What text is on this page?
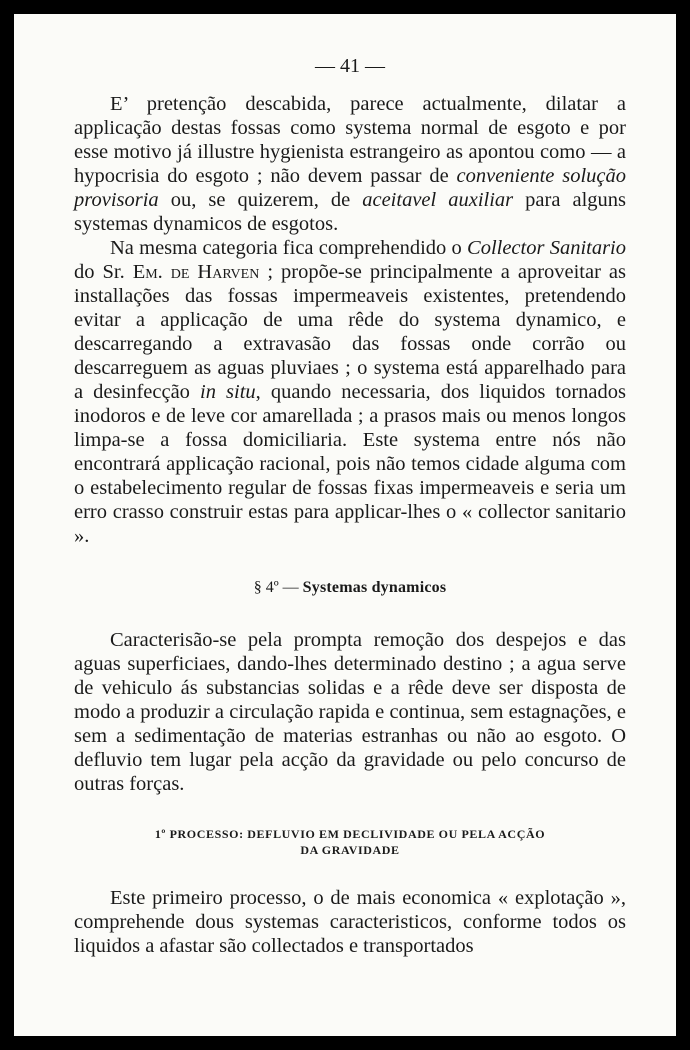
— 41 —

E’ pretenção descabida, parece actualmente, dilatar a applicação destas fossas como systema normal de esgoto e por esse motivo já illustre hygienista estrangeiro as apontou como — a hypocrisia do esgoto ; não devem passar de conveniente solução provisoria ou, se quizerem, de aceitavel auxiliar para alguns systemas dynamicos de esgotos.

Na mesma categoria fica comprehendido o Collector Sanitario do Sr. Em. de Harven ; propõe-se principalmente a aproveitar as installações das fossas impermeaveis existentes, pretendendo evitar a applicação de uma rêde do systema dynamico, e descarregando a extravasão das fossas onde corrão ou descarreguem as aguas pluviaes ; o systema está apparelhado para a desinfecção in situ, quando necessaria, dos liquidos tornados inodoros e de leve cor amarellada ; a prasos mais ou menos longos limpa-se a fossa domiciliaria. Este systema entre nós não encontrará applicação racional, pois não temos cidade alguma com o estabelecimento regular de fossas fixas impermeaveis e seria um erro crasso construir estas para applicar-lhes o « collector sanitario ».

§ 4º — Systemas dynamicos

Caracterisão-se pela prompta remoção dos despejos e das aguas superficiaes, dando-lhes determinado destino ; a agua serve de vehiculo ás substancias solidas e a rêde deve ser disposta de modo a produzir a circulação rapida e continua, sem estagnações, e sem a sedimentação de materias estranhas ou não ao esgoto. O defluvio tem lugar pela acção da gravidade ou pelo concurso de outras forças.

1º PROCESSO: DEFLUVIO EM DECLIVIDADE OU PELA ACÇÃO
DA GRAVIDADE

Este primeiro processo, o de mais economica « explotação », comprehende dous systemas caracteristicos, conforme todos os liquidos a afastar são collectados e transportados
